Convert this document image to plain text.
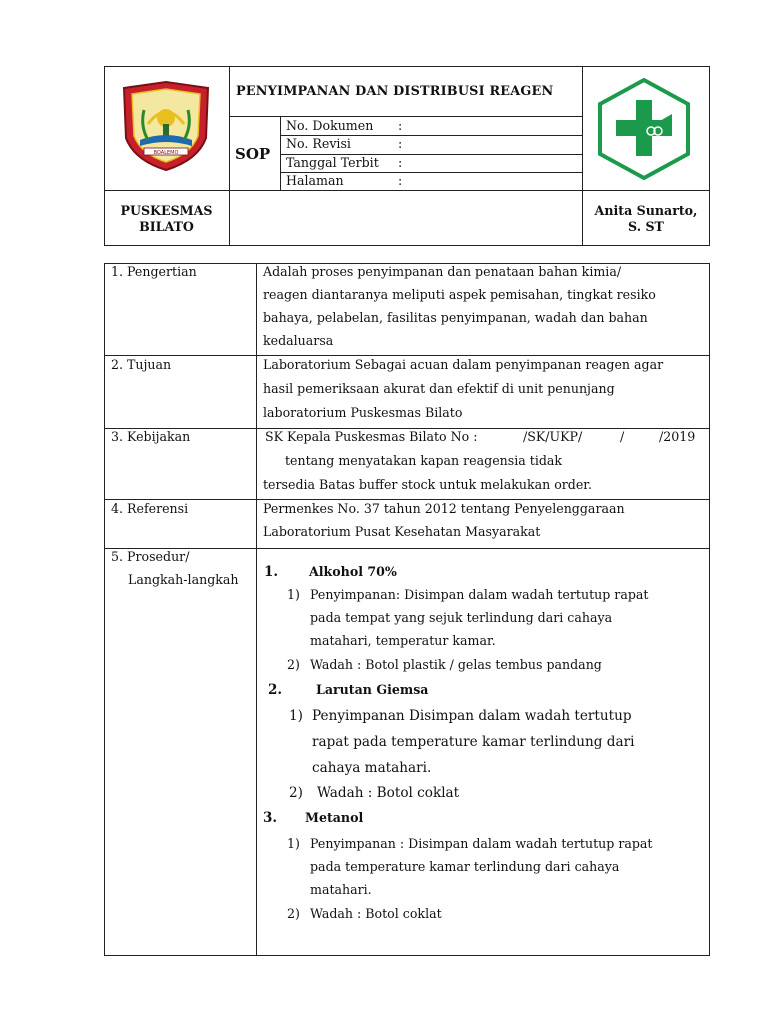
BOALEMO
PENYIMPANAN DAN DISTRIBUSI REAGEN
SOP
No. Dokumen :
No. Revisi	:
Tanggal Terbit :
Halaman	:
PUSKESMAS
BILATO
Anita Sunarto,
S. ST
1. Pengertian	Adalah proses penyimpanan dan penataan bahan kimia/
reagen diantaranya meliputi aspek pemisahan, tingkat resiko
bahaya, pelabelan, fasilitas penyimpanan, wadah dan bahan
kedaluarsa
2. Tujuan	Laboratorium Sebagai acuan dalam penyimpanan reagen agar
hasil pemeriksaan akurat dan efektif di unit penunjang
laboratorium Puskesmas Bilato
3. Kebijakan	SK Kepala Puskesmas Bilato No :	/SK/UKP/	/	/2019
tentang menyatakan kapan reagensia tidak
tersedia Batas buffer stock untuk melakukan order.
4. Referensi	Permenkes No. 37 tahun 2012 tentang Penyelenggaraan
Laboratorium Pusat Kesehatan Masyarakat
5. Prosedur/
Langkah-langkah 1. Alkohol 70%
1) Penyimpanan: Disimpan dalam wadah tertutup rapat
pada tempat yang sejuk terlindung dari cahaya
matahari, temperatur kamar.
2) Wadah : Botol plastik / gelas tembus pandang
2.	Larutan Giemsa
1) Penyimpanan Disimpan dalam wadah tertutup
rapat pada temperature kamar terlindung dari
cahaya matahari.
2) Wadah : Botol coklat
3. Metanol
1) Penyimpanan : Disimpan dalam wadah tertutup rapat
pada temperature kamar terlindung dari cahaya
matahari.
2) Wadah : Botol coklat
